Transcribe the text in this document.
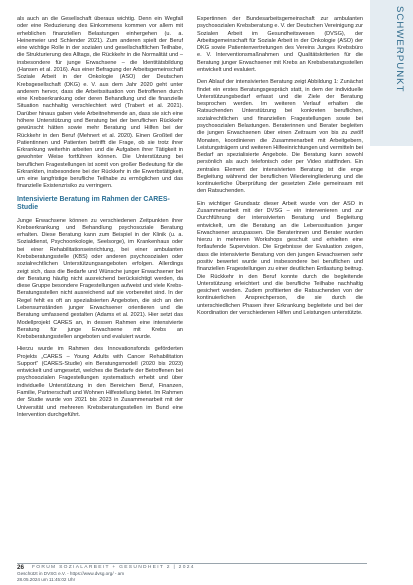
SCHWERPUNKT

als auch an die Gesellschaft überaus wichtig. Denn ein Wegfall oder eine Reduzierung des Einkommens kommen vor allem mit erheblichen finanziellen Belastungen einhergehen (u. a. Heinemeier und Schlender 2021). Zum anderen spielt der Beruf eine wichtige Rolle in der sozialen und gesellschaftlichen Teilhabe, die Strukturierung des Alltags, die Rückkehr in die Normalität und – insbesondere für junge Erwachsene – die Identitätsbildung (Hansen et al. 2016). Aus einer Befragung der Arbeitsgemeinschaft Soziale Arbeit in der Onkologie (ASO) der Deutschen Krebsgesellschaft (DKG) e. V. aus dem Jahr 2020 geht unter anderem hervor, dass die Arbeitssituation von Betroffenen durch eine Krebserkrankung oder deren Behandlung und die finanzielle Situation nachhaltig verschlechtert wird (Trabert et al. 2021). Darüber hinaus gaben viele Arbeitnehmende an, dass sie sich eine höhere Unterstützung und Beratung bei der beruflichen Rückkehr gewünscht hätten sowie mehr Beratung und Hilfen bei der Rückkehr in den Beruf (Mehnert et al. 2020). Einen Großteil der Patientinnen und Patienten betrifft die Frage, ob sie trotz ihrer Erkrankung weiterhin arbeiten und die Aufgaben ihrer Tätigkeit in gewohnter Weise fortführen können. Die Unterstützung bei beruflichen Fragestellungen ist somit von großer Bedeutung für die Erkrankten, insbesondere bei der Rückkehr in die Erwerbstätigkeit, um eine langfristige berufliche Teilhabe zu ermöglichen und das finanzielle Existenzrisiko zu verringern.

Intensivierte Beratung im Rahmen der CARES-Studie

Junge Erwachsene können zu verschiedenen Zeitpunkten ihrer Krebserkrankung und Behandlung psychosoziale Beratung erhalten. Diese Beratung kann zum Beispiel in der Klinik (u. a. Sozialdienst, Psychoonkologie, Seelsorge), im Krankenhaus oder bei einer Rehabilitationseinrichtung, bei einer ambulanten Krebsberatungsstelle (KBS) oder anderen psychosozialen oder sozialrechtlichen Unterstützungsangeboten erfolgen. Allerdings zeigt sich, dass die Bedarfe und Wünsche junger Erwachsener bei der Beratung häufig nicht ausreichend berücksichtigt werden, da diese Gruppe besondere Fragestellungen aufweist und viele Krebs-Beratungsstellen nicht ausreichend auf sie vorbereitet sind. In der Regel fehlt es oft an spezialisierten Angeboten, die sich an den Lebensumständen junger Erwachsener orientieren und die Beratung umfassend gestalten (Adams et al. 2021). Hier setzt das Modellprojekt CARES an, in dessen Rahmen eine intensivierte Beratung für junge Erwachsene mit Krebs an Krebsberatungsstellen angeboten und evaluiert wurde.

Hierzu wurde im Rahmen des Innovationsfonds geförderten Projekts „CARES – Young Adults with Cancer Rehabilitation Support“ (CARES-Studie) ein Beratungsmodell (2020 bis 2023) entwickelt und umgesetzt, welches die Bedarfe der Betroffenen bei psychosozialen Fragestellungen systematisch erhebt und über individuelle Unterstützung in den Bereichen Beruf, Finanzen, Familie, Partnerschaft und Wohnen Hilfestellung bietet. Im Rahmen der Studie wurde von 2021 bis 2023 in Zusammenarbeit mit der Universität und mehreren Krebsberatungsstellen im Bund eine Intervention durchgeführt.

Expertinnen der Bundesarbeitsgemeinschaft zur ambulanten psychosozialen Krebsberatung e. V. der Deutschen Vereinigung zur Sozialen Arbeit im Gesundheitswesen (DVSG), der Arbeitsgemeinschaft für Soziale Arbeit in der Onkologie (ASO) der DKG sowie Patientenvertretungen des Vereins Junges Krebsbüro e. V. Interventionsmaßnahmen und Qualitätskriterien für die Beratung junger Erwachsener mit Krebs an Krebsberatungsstellen entwickelt und evaluiert.

Den Ablauf der intensivierten Beratung zeigt Abbildung 1: Zunächst findet ein erstes Beratungsgespräch statt, in dem der individuelle Unterstützungsbedarf erfasst und die Ziele der Beratung besprochen werden. Im weiteren Verlauf erhalten die Ratsuchenden Unterstützung bei konkreten beruflichen, sozialrechtlichen und finanziellen Fragestellungen sowie bei psychosozialen Belastungen. Beraterinnen und Berater begleiten die jungen Erwachsenen über einen Zeitraum von bis zu zwölf Monaten, koordinieren die Zusammenarbeit mit Arbeitgebern, Leistungsträgern und weiteren Hilfeeinrichtungen und vermitteln bei Bedarf an spezialisierte Angebote. Die Beratung kann sowohl persönlich als auch telefonisch oder per Video stattfinden. Ein zentrales Element der intensivierten Beratung ist die enge Begleitung während der beruflichen Wiedereingliederung und die kontinuierliche Überprüfung der gesetzten Ziele gemeinsam mit den Ratsuchenden.

Ein wichtiger Grundsatz dieser Arbeit wurde von der ASO in Zusammenarbeit mit der DVSG – ein intervenieren und zur Durchführung der intensivierten Beratung und Begleitung entwickelt, um die Beratung an die Lebenssituation junger Erwachsener anzupassen. Die Beraterinnen und Berater wurden hierzu in mehreren Workshops geschult und erhielten eine fortlaufende Supervision. Die Ergebnisse der Evaluation zeigen, dass die intensivierte Beratung von den jungen Erwachsenen sehr positiv bewertet wurde und insbesondere bei beruflichen und finanziellen Fragestellungen zu einer deutlichen Entlastung beitrug. Die Rückkehr in den Beruf konnte durch die begleitende Unterstützung erleichtert und die berufliche Teilhabe nachhaltig gesichert werden. Zudem profitierten die Ratsuchenden von der kontinuierlichen Ansprechperson, die sie durch die unterschiedlichen Phasen ihrer Erkrankung begleitete und bei der Koordination der verschiedenen Hilfen und Leistungen unterstützte.

26 FORUM SOZIALARBEIT + GESUNDHEIT 2 | 2024
Geschützt in DVSG e.V. - https://www.dvsg.org/ - am
28.05.2024 um 11:45:02 Uhr
